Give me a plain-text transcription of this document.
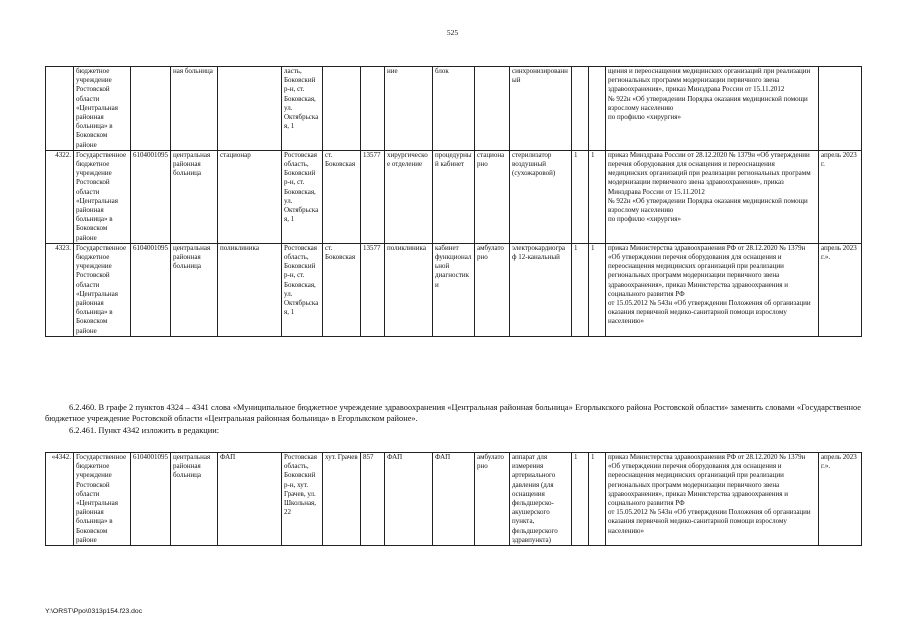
525
	бюджетное учреждение Ростовской области «Центральная районная больница» в Боковском районе		ная больница		ласть, Боковский р-н, ст. Боковская, ул. Октябрьская, 1			ние	блок		синхронизированный			щения и переоснащения медицинских организаций при реализации региональных программ модернизации первичного звена здравоохранения», приказ Минздрава России от 15.11.2012
№ 922н «Об утверждении Порядка оказания медицинской помощи взрослому населению
по профилю «хирургия»	
4322.	Государственное бюджетное учреждение Ростовской области «Центральная районная больница» в Боковском районе	6104001095	центральная районная больница	стационар	Ростовская область, Боковский р-н, ст. Боковская, ул. Октябрьская, 1	ст. Боковская	13577	хирургическое отделение	процедурный кабинет	стационарно	стерилизатор воздушный (сухожаровой)	1	1	приказ Минздрава России от 28.12.2020 № 1379н «Об утверждении перечня оборудования для оснащения и переоснащения медицинских организаций при реализации региональных программ модернизации первичного звена здравоохранения», приказ Минздрава России от 15.11.2012
№ 922н «Об утверждении Порядка оказания медицинской помощи взрослому населению
по профилю «хирургия»	апрель 2023 г.
4323.	Государственное бюджетное учреждение Ростовской области «Центральная районная больница» в Боковском районе	6104001095	центральная районная больница	поликлиника	Ростовская область, Боковский р-н, ст. Боковская, ул. Октябрьская, 1	ст. Боковская	13577	поликлиника	кабинет функциональной диагностики	амбулаторно	электрокардиограф 12-канальный	1	1	приказ Министерства здравоохранения РФ от 28.12.2020 № 1379н «Об утверждении перечня оборудования для оснащения и переоснащения медицинских организаций при реализации региональных программ модернизации первичного звена здравоохранения», приказ Министерства здравоохранения и социального развития РФ
от 15.05.2012 № 543н «Об утверждении Положения об организации оказания первичной медико-санитарной помощи взрослому населению»	апрель 2023 г.».
6.2.460. В графе 2 пунктов 4324 – 4341 слова «Муниципальное бюджетное учреждение здравоохранения «Центральная районная больница» Егорлыкского района Ростовской области» заменить словами «Государственное бюджетное учреждение Ростовской области «Центральная районная больница» в Егорлыкском районе».
6.2.461. Пункт 4342 изложить в редакции:
«4342.	Государственное бюджетное учреждение Ростовской области «Центральная районная больница» в Боковском районе	6104001095	центральная районная больница	ФАП	Ростовская область, Боковский р-н, хут. Грачев, ул. Школьная, 22	хут. Грачев	857	ФАП	ФАП	амбулаторно	аппарат для измерения артериального давления (для оснащения фельдшерско-акушерского пункта, фельдшерского здравпункта)	1	1	приказ Министерства здравоохранения РФ от 28.12.2020 № 1379н «Об утверждении перечня оборудования для оснащения и переоснащения медицинских организаций при реализации региональных программ модернизации первичного звена здравоохранения», приказ Министерства здравоохранения и социального развития РФ
от 15.05.2012 № 543н «Об утверждении Положения об организации оказания первичной медико-санитарной помощи взрослому населению»	апрель 2023 г.».
Y:\ORST\Ppo\0313p154.f23.doc
